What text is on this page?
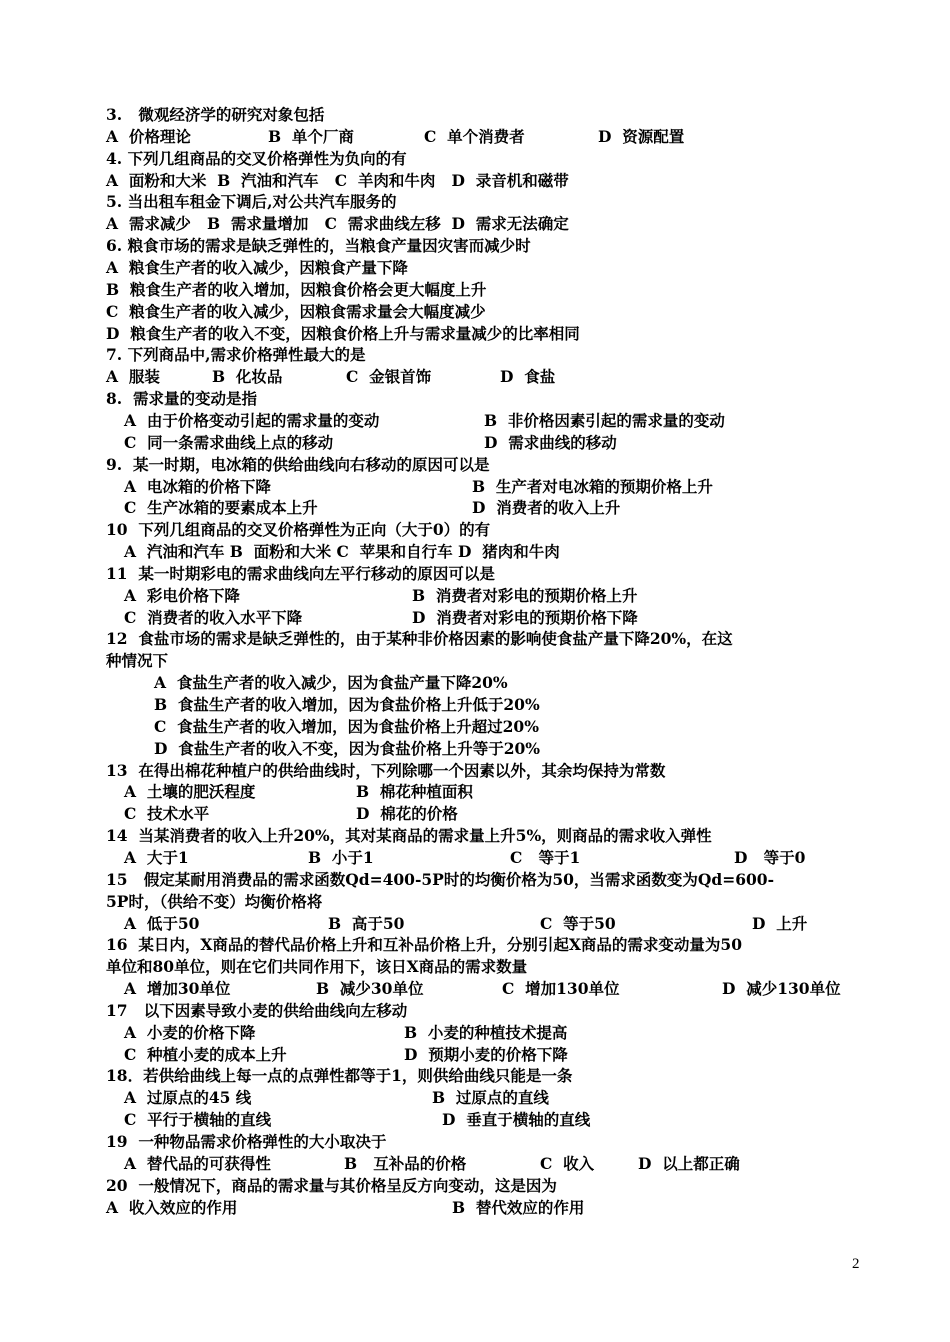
3.   微观经济学的研究对象包括
A  价格理论	B  单个厂商	C  单个消费者	D  资源配置
4. 下列几组商品的交叉价格弹性为负向的有
A  面粉和大米  B  汽油和汽车   C  羊肉和牛肉   D  录音机和磁带
5. 当出租车租金下调后,对公共汽车服务的
A  需求减少   B  需求量增加   C  需求曲线左移  D  需求无法确定
6. 粮食市场的需求是缺乏弹性的，当粮食产量因灾害而减少时
A  粮食生产者的收入减少，因粮食产量下降
B  粮食生产者的收入增加，因粮食价格会更大幅度上升
C  粮食生产者的收入减少，因粮食需求量会大幅度减少
D  粮食生产者的收入不变，因粮食价格上升与需求量减少的比率相同
7. 下列商品中,需求价格弹性最大的是
A  服装	B  化妆品	C  金银首饰	D  食盐
8.  需求量的变动是指
A  由于价格变动引起的需求量的变动	B  非价格因素引起的需求量的变动
C  同一条需求曲线上点的移动	D  需求曲线的移动
9.  某一时期，电冰箱的供给曲线向右移动的原因可以是
A  电冰箱的价格下降	B  生产者对电冰箱的预期价格上升
C  生产冰箱的要素成本上升	D  消费者的收入上升
10  下列几组商品的交叉价格弹性为正向（大于0）的有
A  汽油和汽车 B  面粉和大米 C  苹果和自行车 D  猪肉和牛肉
11  某一时期彩电的需求曲线向左平行移动的原因可以是
A  彩电价格下降	B  消费者对彩电的预期价格上升
C  消费者的收入水平下降	D  消费者对彩电的预期价格下降
12  食盐市场的需求是缺乏弹性的，由于某种非价格因素的影响使食盐产量下降20%，在这
种情况下
A  食盐生产者的收入减少，因为食盐产量下降20%
B  食盐生产者的收入增加，因为食盐价格上升低于20%
C  食盐生产者的收入增加，因为食盐价格上升超过20%
D  食盐生产者的收入不变，因为食盐价格上升等于20%
13  在得出棉花种植户的供给曲线时，下列除哪一个因素以外，其余均保持为常数
A  土壤的肥沃程度	B  棉花种植面积
C  技术水平	D  棉花的价格
14  当某消费者的收入上升20%，其对某商品的需求量上升5%，则商品的需求收入弹性
A  大于1	B  小于1	C   等于1	D   等于0
15   假定某耐用消费品的需求函数Qd=400-5P时的均衡价格为50，当需求函数变为Qd=600-
5P时，（供给不变）均衡价格将
A  低于50	B  高于50	C  等于50	D  上升
16  某日内，X商品的替代品价格上升和互补品价格上升，分别引起X商品的需求变动量为50
单位和80单位，则在它们共同作用下，该日X商品的需求数量
A  增加30单位	B  减少30单位	C  增加130单位	D  减少130单位
17   以下因素导致小麦的供给曲线向左移动
A  小麦的价格下降	B  小麦的种植技术提高
C  种植小麦的成本上升	D  预期小麦的价格下降
18．若供给曲线上每一点的点弹性都等于1，则供给曲线只能是一条
A  过原点的45 线	B  过原点的直线
C  平行于横轴的直线	D  垂直于横轴的直线
19  一种物品需求价格弹性的大小取决于
A  替代品的可获得性	B   互补品的价格	C  收入	D  以上都正确
20  一般情况下，商品的需求量与其价格呈反方向变动，这是因为
A  收入效应的作用	B  替代效应的作用
2
